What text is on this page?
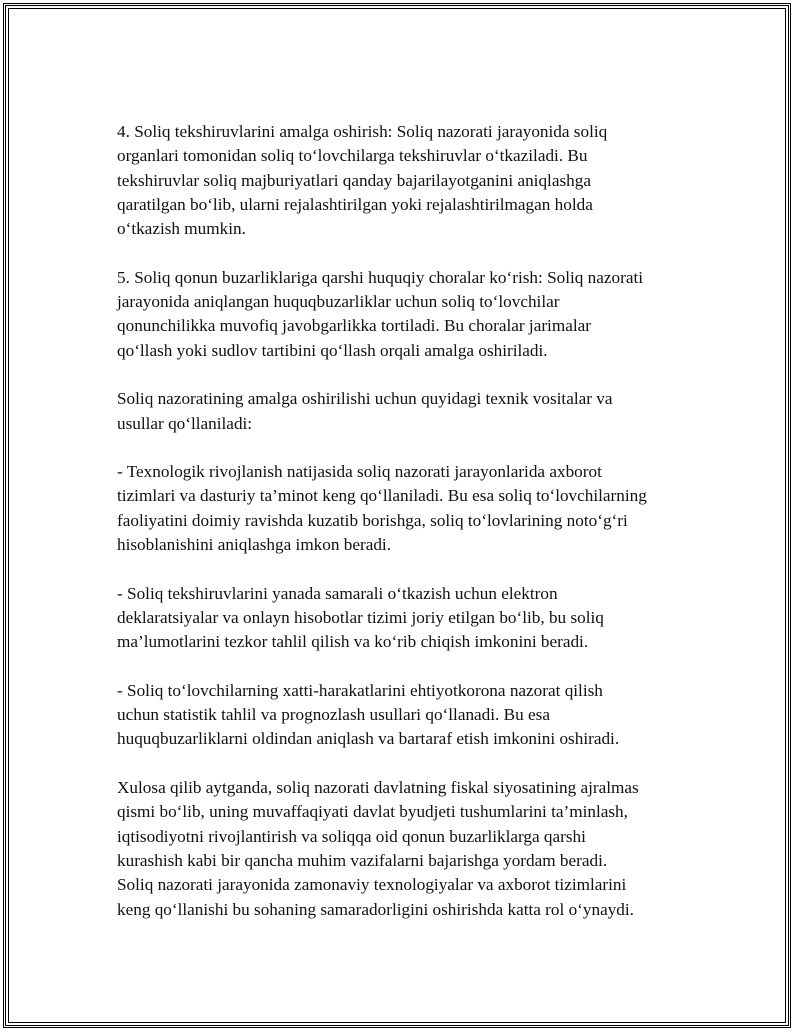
4. Soliq tekshiruvlarini amalga oshirish: Soliq nazorati jarayonida soliq
organlari tomonidan soliq to‘lovchilarga tekshiruvlar o‘tkaziladi. Bu
tekshiruvlar soliq majburiyatlari qanday bajarilayotganini aniqlashga
qaratilgan bo‘lib, ularni rejalashtirilgan yoki rejalashtirilmagan holda
o‘tkazish mumkin.

5. Soliq qonun buzarliklariga qarshi huquqiy choralar ko‘rish: Soliq nazorati
jarayonida aniqlangan huquqbuzarliklar uchun soliq to‘lovchilar
qonunchilikka muvofiq javobgarlikka tortiladi. Bu choralar jarimalar
qo‘llash yoki sudlov tartibini qo‘llash orqali amalga oshiriladi.

Soliq nazoratining amalga oshirilishi uchun quyidagi texnik vositalar va
usullar qo‘llaniladi:

- Texnologik rivojlanish natijasida soliq nazorati jarayonlarida axborot
tizimlari va dasturiy ta’minot keng qo‘llaniladi. Bu esa soliq to‘lovchilarning
faoliyatini doimiy ravishda kuzatib borishga, soliq to‘lovlarining noto‘g‘ri
hisoblanishini aniqlashga imkon beradi.

- Soliq tekshiruvlarini yanada samarali o‘tkazish uchun elektron
deklaratsiyalar va onlayn hisobotlar tizimi joriy etilgan bo‘lib, bu soliq
ma’lumotlarini tezkor tahlil qilish va ko‘rib chiqish imkonini beradi.

- Soliq to‘lovchilarning xatti-harakatlarini ehtiyotkorona nazorat qilish
uchun statistik tahlil va prognozlash usullari qo‘llanadi. Bu esa
huquqbuzarliklarni oldindan aniqlash va bartaraf etish imkonini oshiradi.

Xulosa qilib aytganda, soliq nazorati davlatning fiskal siyosatining ajralmas
qismi bo‘lib, uning muvaffaqiyati davlat byudjeti tushumlarini ta’minlash,
iqtisodiyotni rivojlantirish va soliqqa oid qonun buzarliklarga qarshi
kurashish kabi bir qancha muhim vazifalarni bajarishga yordam beradi.
Soliq nazorati jarayonida zamonaviy texnologiyalar va axborot tizimlarini
keng qo‘llanishi bu sohaning samaradorligini oshirishda katta rol o‘ynaydi.
